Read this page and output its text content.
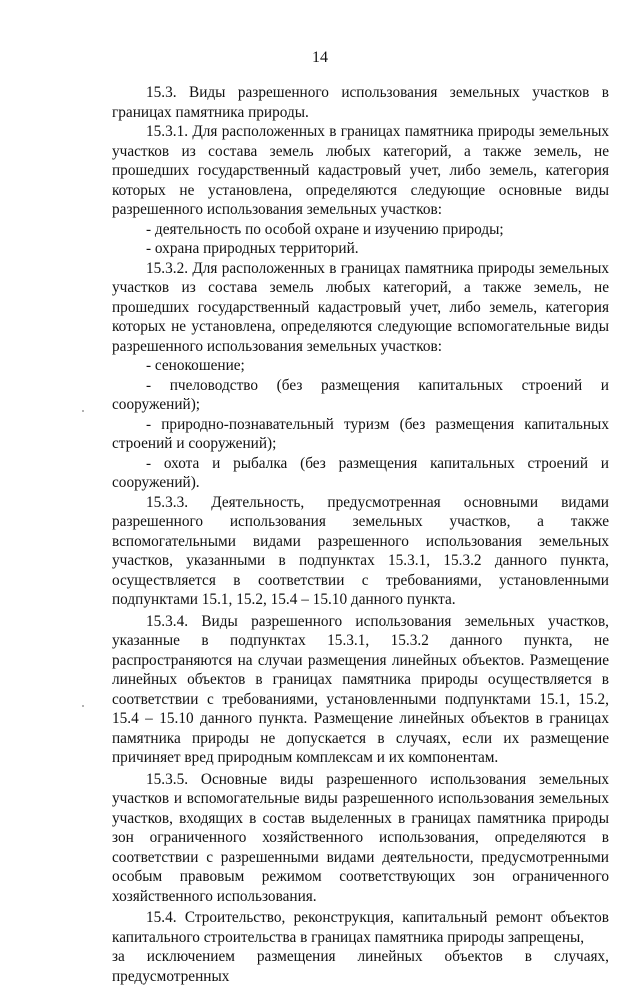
14

15.3. Виды разрешенного использования земельных участков в границах памятника природы.

15.3.1. Для расположенных в границах памятника природы земельных участков из состава земель любых категорий, а также земель, не прошедших государственный кадастровый учет, либо земель, категория которых не установлена, определяются следующие основные виды разрешенного использования земельных участков:

- деятельность по особой охране и изучению природы;

- охрана природных территорий.

15.3.2. Для расположенных в границах памятника природы земельных участков из состава земель любых категорий, а также земель, не прошедших государственный кадастровый учет, либо земель, категория которых не установлена, определяются следующие вспомогательные виды разрешенного использования земельных участков:

- сенокошение;

- пчеловодство (без размещения капитальных строений и сооружений);

- природно-познавательный туризм (без размещения капитальных строений и сооружений);

- охота и рыбалка (без размещения капитальных строений и сооружений).

15.3.3. Деятельность, предусмотренная основными видами разрешенного использования земельных участков, а также вспомогательными видами разрешенного использования земельных участков, указанными в подпунктах 15.3.1, 15.3.2 данного пункта, осуществляется в соответствии с требованиями, установленными подпунктами 15.1, 15.2, 15.4 – 15.10 данного пункта.

15.3.4. Виды разрешенного использования земельных участков, указанные в подпунктах 15.3.1, 15.3.2 данного пункта, не распространяются на случаи размещения линейных объектов. Размещение линейных объектов в границах памятника природы осуществляется в соответствии с требованиями, установленными подпунктами 15.1, 15.2, 15.4 – 15.10 данного пункта. Размещение линейных объектов в границах памятника природы не допускается в случаях, если их размещение причиняет вред природным комплексам и их компонентам.

15.3.5. Основные виды разрешенного использования земельных участков и вспомогательные виды разрешенного использования земельных участков, входящих в состав выделенных в границах памятника природы зон ограниченного хозяйственного использования, определяются в соответствии с разрешенными видами деятельности, предусмотренными особым правовым режимом соответствующих зон ограниченного хозяйственного использования.

15.4. Строительство, реконструкция, капитальный ремонт объектов капитального строительства в границах памятника природы запрещены,

за исключением размещения линейных объектов в случаях, предусмотренных
